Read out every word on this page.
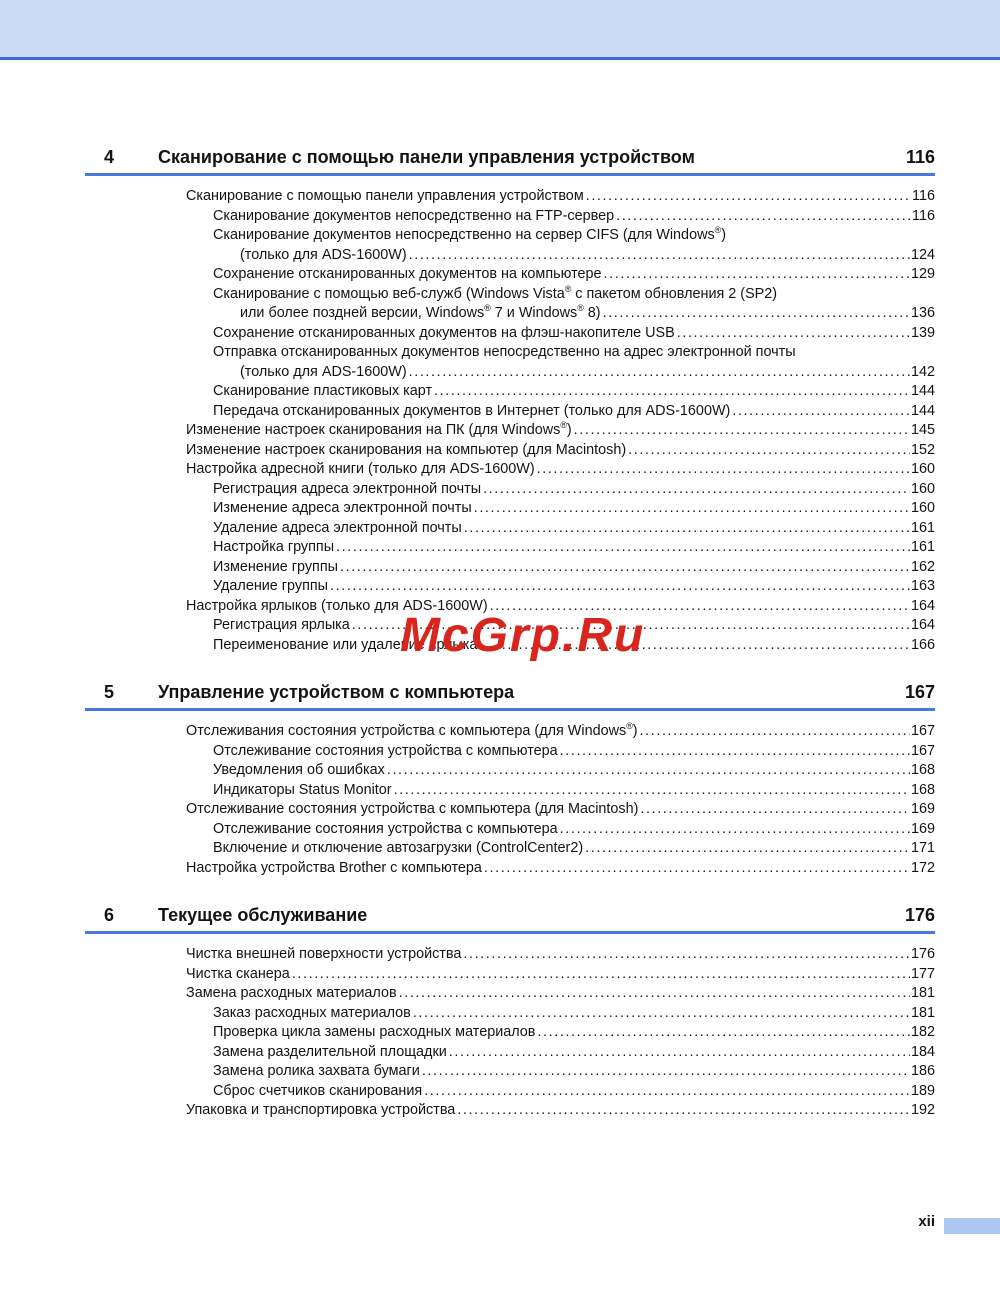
4	Сканирование с помощью панели управления устройством	116
Сканирование с помощью панели управления устройством .....	116
Сканирование документов непосредственно на FTP-сервер .....	116
Сканирование документов непосредственно на сервер CIFS (для Windows®)
(только для ADS-1600W) .....	124
Сохранение отсканированных документов на компьютере .....	129
Сканирование с помощью веб-служб (Windows Vista® с пакетом обновления 2 (SP2)
или более поздней версии, Windows® 7 и Windows® 8) .....	136
Сохранение отсканированных документов на флэш-накопителе USB .....	139
Отправка отсканированных документов непосредственно на адрес электронной почты
(только для ADS-1600W) .....	142
Сканирование пластиковых карт .....	144
Передача отсканированных документов в Интернет (только для ADS-1600W) .....	144
Изменение настроек сканирования на ПК (для Windows®) .....	145
Изменение настроек сканирования на компьютер (для Macintosh) .....	152
Настройка адресной книги (только для ADS-1600W) .....	160
Регистрация адреса электронной почты .....	160
Изменение адреса электронной почты .....	160
Удаление адреса электронной почты .....	161
Настройка группы .....	161
Изменение группы .....	162
Удаление группы .....	163
Настройка ярлыков (только для ADS-1600W) .....	164
Регистрация ярлыка .....	164
Переименование или удаление ярлыка .....	166
5	Управление устройством с компьютера	167
Отслеживания состояния устройства с компьютера (для Windows®) .....	167
Отслеживание состояния устройства с компьютера .....	167
Уведомления об ошибках .....	168
Индикаторы Status Monitor .....	168
Отслеживание состояния устройства с компьютера (для Macintosh) .....	169
Отслеживание состояния устройства с компьютера .....	169
Включение и отключение автозагрузки (ControlCenter2) .....	171
Настройка устройства Brother с компьютера .....	172
6	Текущее обслуживание	176
Чистка внешней поверхности устройства .....	176
Чистка сканера .....	177
Замена расходных материалов .....	181
Заказ расходных материалов .....	181
Проверка цикла замены расходных материалов .....	182
Замена разделительной площадки .....	184
Замена ролика захвата бумаги .....	186
Сброс счетчиков сканирования .....	189
Упаковка и транспортировка устройства .....	192
McGrp.Ru
xii
